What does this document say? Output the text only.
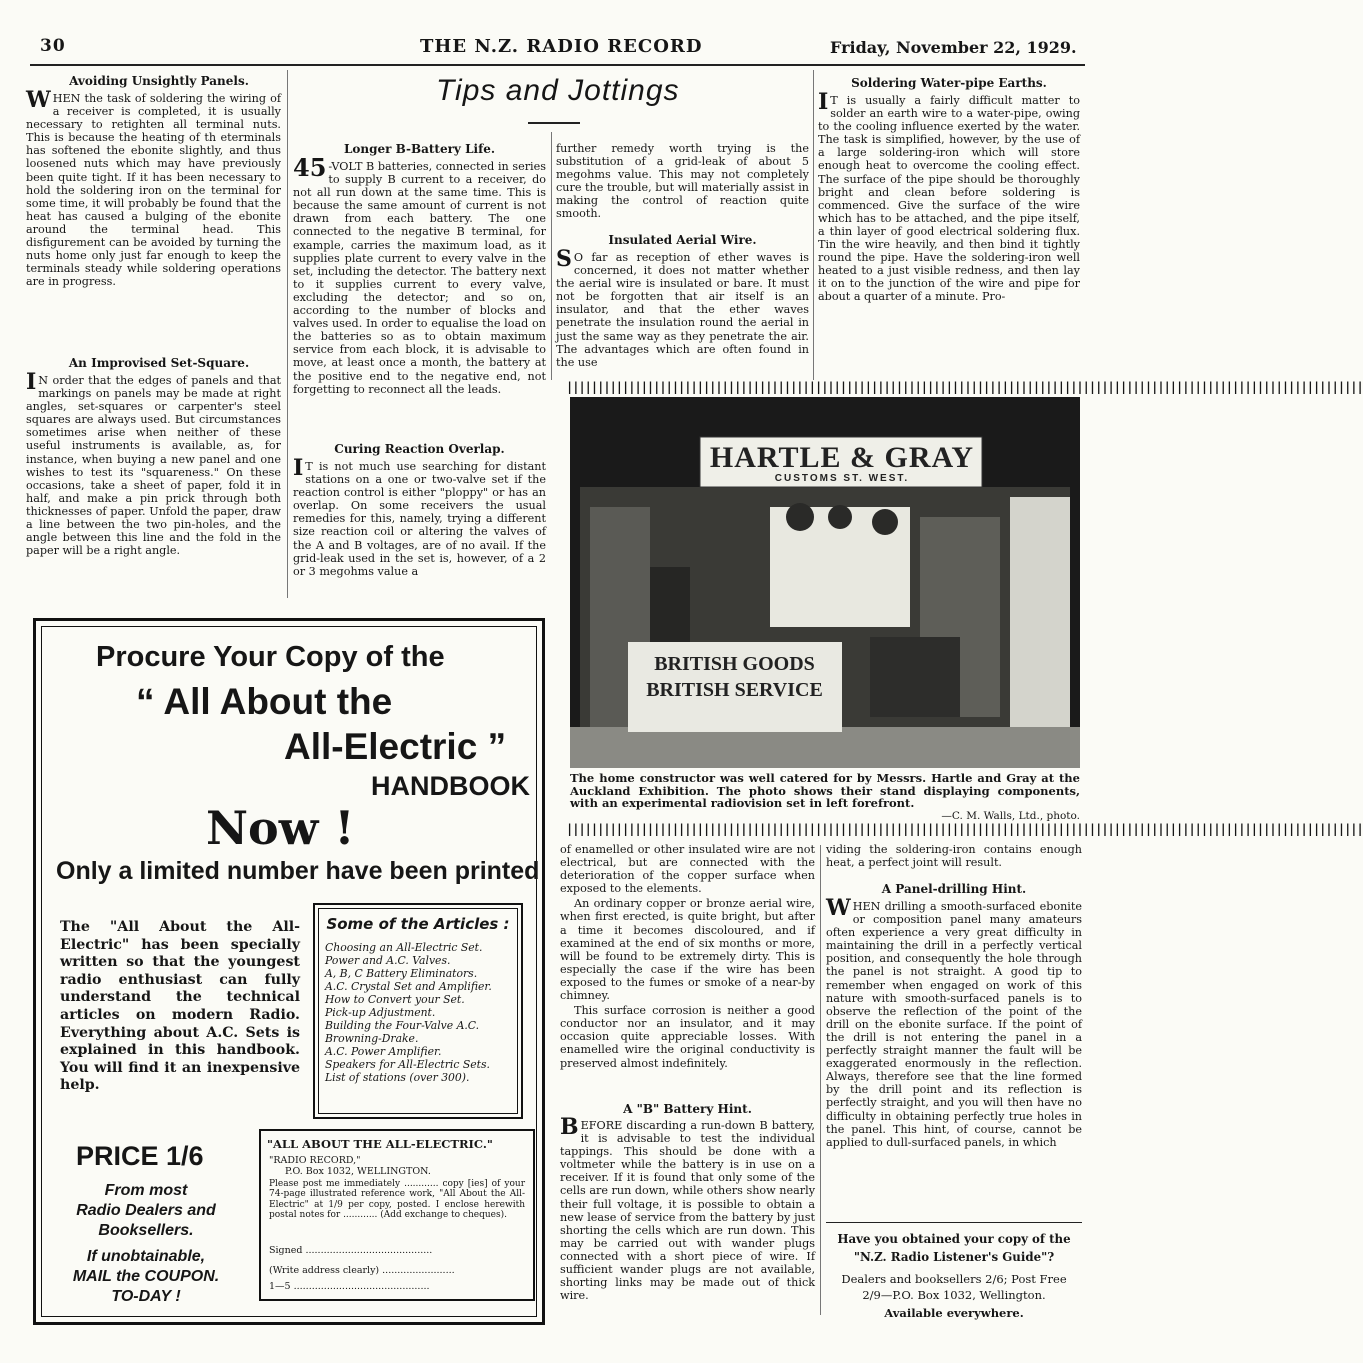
30	THE N.Z. RADIO RECORD	Friday, November 22, 1929.
Tips and Jottings
Avoiding Unsightly Panels.

WHEN the task of soldering the wiring of a receiver is completed, it is usually necessary to retighten all terminal nuts. This is because the heating of th eterminals has softened the ebonite slightly, and thus loosened nuts which may have previously been quite tight. If it has been necessary to hold the soldering iron on the terminal for some time, it will probably be found that the heat has caused a bulging of the ebonite around the terminal head. This disfigurement can be avoided by turning the nuts home only just far enough to keep the terminals steady while soldering operations are in progress.

An Improvised Set-Square.

I N order that the edges of panels and that markings on panels may be made at right angles, set-squares or carpenter's steel squares are always used. But circumstances sometimes arise when neither of these useful instruments is available, as, for instance, when buying a new panel and one wishes to test its "squareness." On these occasions, take a sheet of paper, fold it in half, and make a pin prick through both thicknesses of paper. Unfold the paper, draw a line between the two pin-holes, and the angle between this line and the fold in the paper will be a right angle.

Longer B-Battery Life.

45 -VOLT B batteries, connected in series to supply B current to a receiver, do not all run down at the same time. This is because the same amount of current is not drawn from each battery. The one connected to the negative B terminal, for example, carries the maximum load, as it supplies plate current to every valve in the set, including the detector. The battery next to it supplies current to every valve, excluding the detector; and so on, according to the number of blocks and valves used. In order to equalise the load on the batteries so as to obtain maximum service from each block, it is advisable to move, at least once a month, the battery at the positive end to the negative end, not forgetting to reconnect all the leads.

Curing Reaction Overlap.

I T is not much use searching for distant stations on a one or two-valve set if the reaction control is either "ploppy" or has an overlap. On some receivers the usual remedies for this, namely, trying a different size reaction coil or altering the valves of the A and B voltages, are of no avail. If the grid-leak used in the set is, however, of a 2 or 3 megohms value a

further remedy worth trying is the substitution of a grid-leak of about 5 megohms value. This may not completely cure the trouble, but will materially assist in making the control of reaction quite smooth.

Insulated Aerial Wire.

S O far as reception of ether waves is concerned, it does not matter whether the aerial wire is insulated or bare. It must not be forgotten that air itself is an insulator, and that the ether waves penetrate the insulation round the aerial in just the same way as they penetrate the air. The advantages which are often found in the use

Soldering Water-pipe Earths.

I T is usually a fairly difficult matter to solder an earth wire to a water-pipe, owing to the cooling influence exerted by the water. The task is simplified, however, by the use of a large soldering-iron which will store enough heat to overcome the cooling effect. The surface of the pipe should be thoroughly bright and clean before soldering is commenced. Give the surface of the wire which has to be attached, and the pipe itself, a thin layer of good electrical soldering flux. Tin the wire heavily, and then bind it tightly round the pipe. Have the soldering-iron well heated to a just visible redness, and then lay it on to the junction of the wire and pipe for about a quarter of a minute. Pro-

||||||||||||||||||||||||||||||||||||||||||||||||||||||||||||||||||||||||||||||||||||||||||||||||||||||||||||||||||||||||||||||||
HARTLE & GRAY
CUSTOMS ST. WEST.
BRITISH GOODS
BRITISH SERVICE
The home constructor was well catered for by Messrs. Hartle and Gray at the Auckland Exhibition. The photo shows their stand displaying components, with an experimental radiovision set in left forefront.
—C. M. Walls, Ltd., photo.
||||||||||||||||||||||||||||||||||||||||||||||||||||||||||||||||||||||||||||||||||||||||||||||||||||||||||||||||||||||||||||||||

of enamelled or other insulated wire are not electrical, but are connected with the deterioration of the copper surface when exposed to the elements.

An ordinary copper or bronze aerial wire, when first erected, is quite bright, but after a time it becomes discoloured, and if examined at the end of six months or more, will be found to be extremely dirty. This is especially the case if the wire has been exposed to the fumes or smoke of a near-by chimney.

This surface corrosion is neither a good conductor nor an insulator, and it may occasion quite appreciable losses. With enamelled wire the original conductivity is preserved almost indefinitely.

A "B" Battery Hint.

BEFORE discarding a run-down B battery, it is advisable to test the individual tappings. This should be done with a voltmeter while the battery is in use on a receiver. If it is found that only some of the cells are run down, while others show nearly their full voltage, it is possible to obtain a new lease of service from the battery by just shorting the cells which are run down. This may be carried out with wander plugs connected with a short piece of wire. If sufficient wander plugs are not available, shorting links may be made out of thick wire.

viding the soldering-iron contains enough heat, a perfect joint will result.

A Panel-drilling Hint.

WHEN drilling a smooth-surfaced ebonite or composition panel many amateurs often experience a very great difficulty in maintaining the drill in a perfectly vertical position, and consequently the hole through the panel is not straight. A good tip to remember when engaged on work of this nature with smooth-surfaced panels is to observe the reflection of the point of the drill on the ebonite surface. If the point of the drill is not entering the panel in a perfectly straight manner the fault will be exaggerated enormously in the reflection. Always, therefore see that the line formed by the drill point and its reflection is perfectly straight, and you will then have no difficulty in obtaining perfectly true holes in the panel. This hint, of course, cannot be applied to dull-surfaced panels, in which

Have you obtained your copy of the
"N.Z. Radio Listener's Guide"?
Dealers and booksellers 2/6; Post Free
2/9—P.O. Box 1032, Wellington.
Available everywhere.
Procure Your Copy of the
“ All About the
All-Electric ”
HANDBOOK
Now !
Only a limited number have been printed
The "All About the All-Electric" has been specially written so that the youngest radio enthusiast can fully understand the technical articles on modern Radio. Everything about A.C. Sets is explained in this handbook. You will find it an inexpensive help.
Some of the Articles :
Choosing an All-Electric Set.
Power and A.C. Valves.
A, B, C Battery Eliminators.
A.C. Crystal Set and Amplifier.
How to Convert your Set.
Pick-up Adjustment.
Building the Four-Valve A.C. Browning-Drake.
A.C. Power Amplifier.
Speakers for All-Electric Sets.
List of stations (over 300).
PRICE 1/6
From most
Radio Dealers and
Booksellers.
If unobtainable,
MAIL the COUPON.
TO-DAY !
"ALL ABOUT THE ALL-ELECTRIC."
"RADIO RECORD,"
P.O. Box 1032, WELLINGTON.
Please post me immediately ............ copy [ies] of your 74-page illustrated reference work, "All About the All-Electric" at 1/9 per copy, posted. I enclose herewith postal notes for ............ (Add exchange to cheques).
Signed ..........................................
(Write address clearly) ........................
1—5 .............................................
